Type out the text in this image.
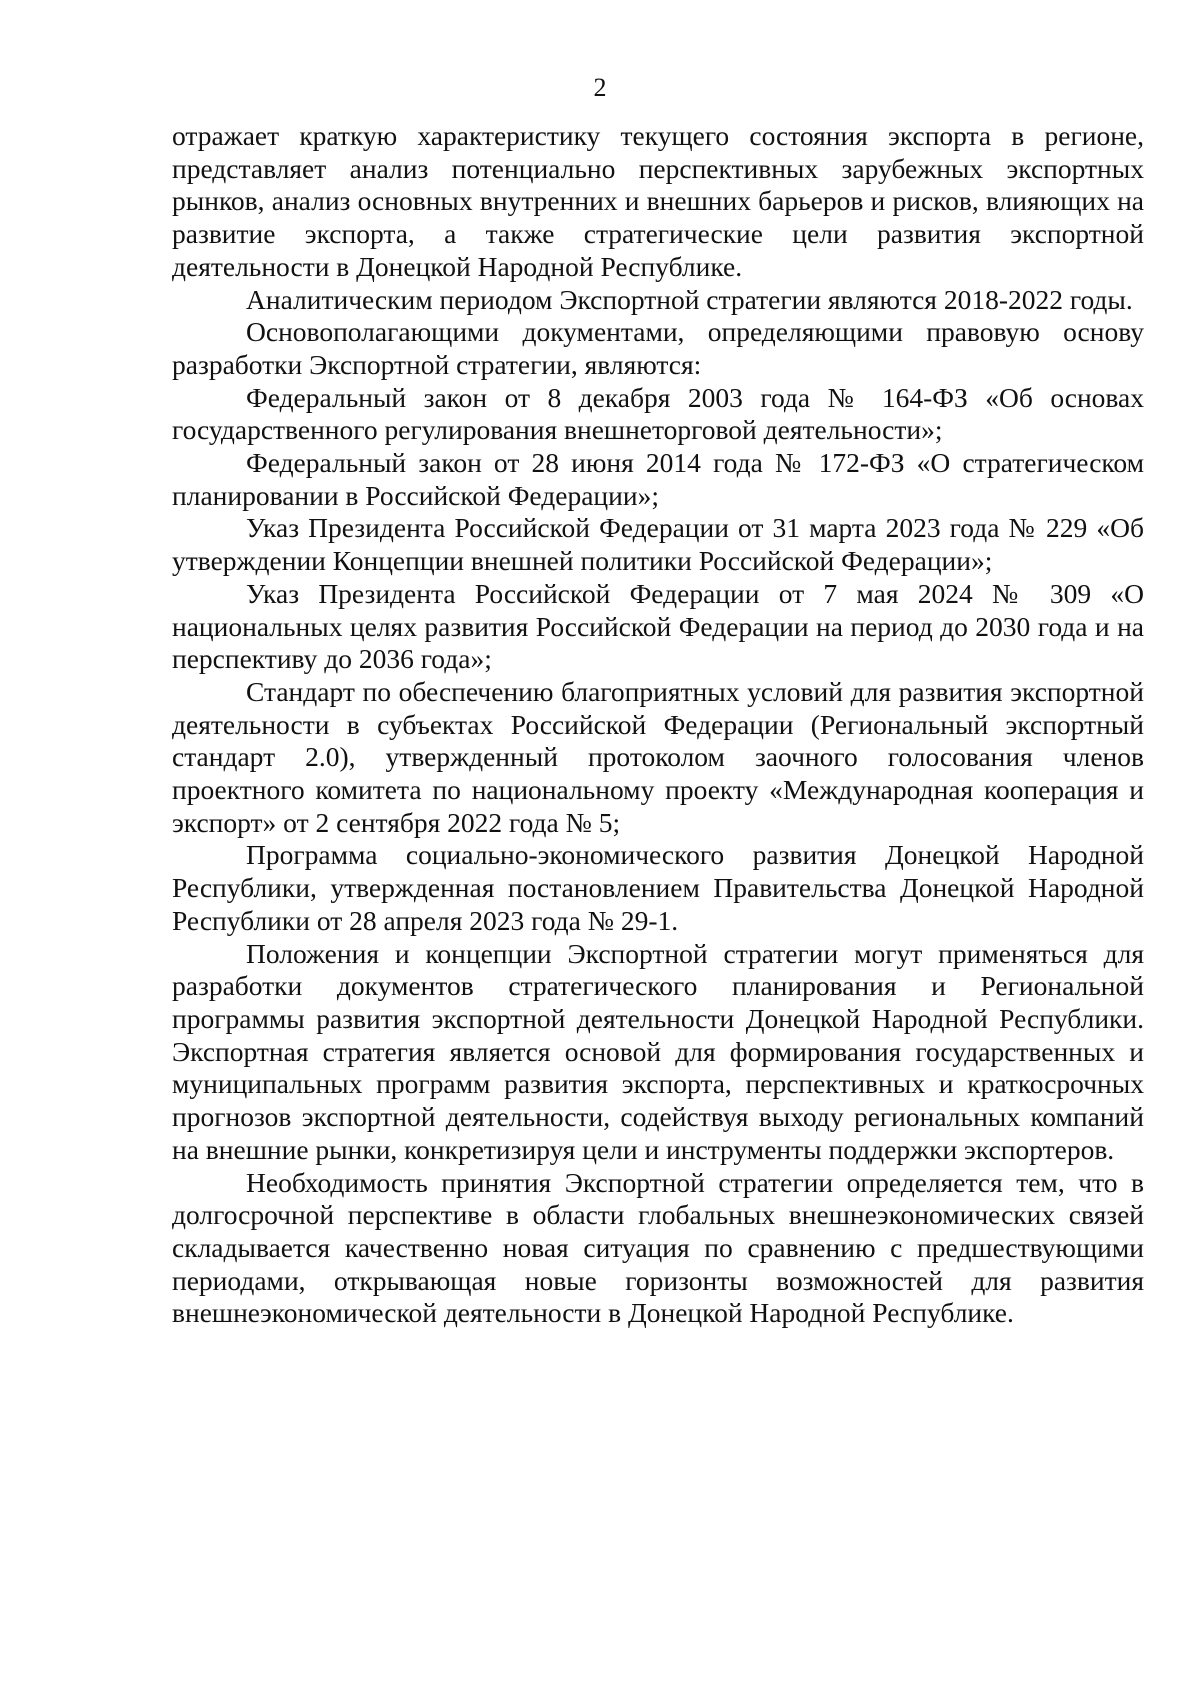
2

отражает краткую характеристику текущего состояния экспорта в регионе, представляет анализ потенциально перспективных зарубежных экспортных рынков, анализ основных внутренних и внешних барьеров и рисков, влияющих на развитие экспорта, а также стратегические цели развития экспортной деятельности в Донецкой Народной Республике.

Аналитическим периодом Экспортной стратегии являются 2018-2022 годы.

Основополагающими документами, определяющими правовую основу разработки Экспортной стратегии, являются:

Федеральный закон от 8 декабря 2003 года № 164-ФЗ «Об основах государственного регулирования внешнеторговой деятельности»;

Федеральный закон от 28 июня 2014 года № 172-ФЗ «О стратегическом планировании в Российской Федерации»;

Указ Президента Российской Федерации от 31 марта 2023 года № 229 «Об утверждении Концепции внешней политики Российской Федерации»;

Указ Президента Российской Федерации от 7 мая 2024 № 309 «О национальных целях развития Российской Федерации на период до 2030 года и на перспективу до 2036 года»;

Стандарт по обеспечению благоприятных условий для развития экспортной деятельности в субъектах Российской Федерации (Региональный экспортный стандарт 2.0), утвержденный протоколом заочного голосования членов проектного комитета по национальному проекту «Международная кооперация и экспорт» от 2 сентября 2022 года № 5;

Программа социально-экономического развития Донецкой Народной Республики, утвержденная постановлением Правительства Донецкой Народной Республики от 28 апреля 2023 года № 29-1.

Положения и концепции Экспортной стратегии могут применяться для разработки документов стратегического планирования и Региональной программы развития экспортной деятельности Донецкой Народной Республики. Экспортная стратегия является основой для формирования государственных и муниципальных программ развития экспорта, перспективных и краткосрочных прогнозов экспортной деятельности, содействуя выходу региональных компаний на внешние рынки, конкретизируя цели и инструменты поддержки экспортеров.

Необходимость принятия Экспортной стратегии определяется тем, что в долгосрочной перспективе в области глобальных внешнеэкономических связей складывается качественно новая ситуация по сравнению с предшествующими периодами, открывающая новые горизонты возможностей для развития внешнеэкономической деятельности в Донецкой Народной Республике.
